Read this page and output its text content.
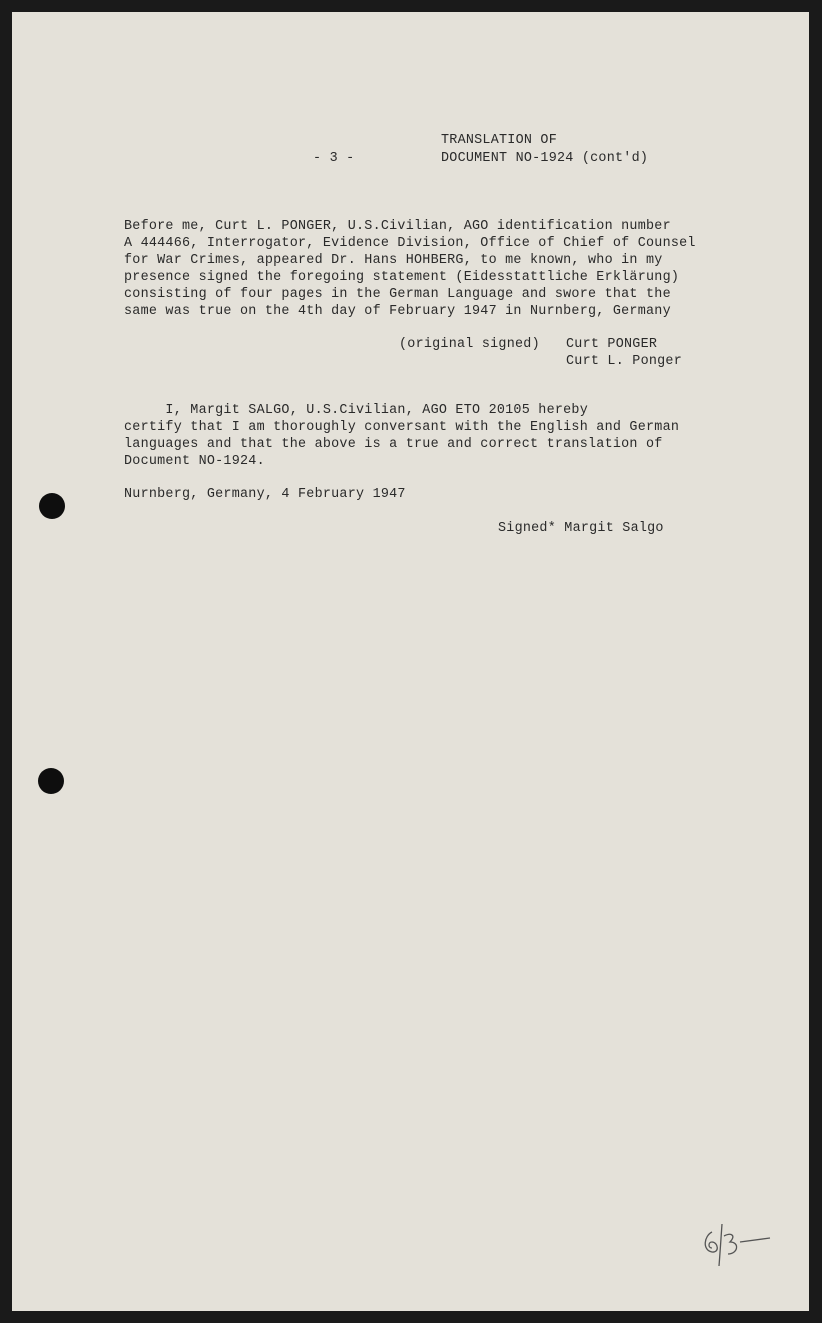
- 3 -
TRANSLATION OF
DOCUMENT NO-1924 (cont'd)
Before me, Curt L. PONGER, U.S.Civilian, AGO identification number
A 444466, Interrogator, Evidence Division, Office of Chief of Counsel
for War Crimes, appeared Dr. Hans HOHBERG, to me known, who in my
presence signed the foregoing statement (Eidesstattliche Erklärung)
consisting of four pages in the German Language and swore that the
same was true on the 4th day of February 1947 in Nurnberg, Germany
(original signed) Curt PONGER
Curt L. Ponger
I, Margit SALGO, U.S.Civilian, AGO ETO 20105 hereby
certify that I am thoroughly conversant with the English and German
languages and that the above is a true and correct translation of
Document NO-1924.
Nurnberg, Germany, 4 February 1947
Signed* Margit Salgo
